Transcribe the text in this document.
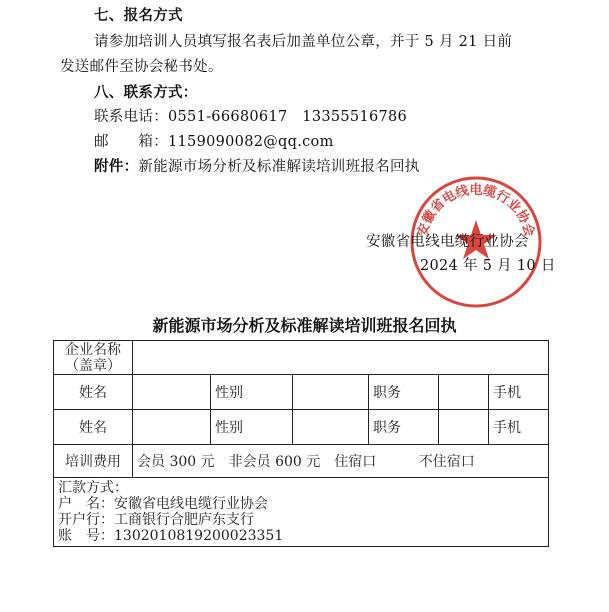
七、报名方式
请参加培训人员填写报名表后加盖单位公章，并于 5 月 21 日前
发送邮件至协会秘书处。
八、联系方式：
联系电话：0551-66680617　13355516786
邮　　箱：1159090082@qq.com
附件：新能源市场分析及标准解读培训班报名回执
安徽省电线电缆行业协会
安徽省电线电缆行业协会
2024 年 5 月 10 日
新能源市场分析及标准解读培训班报名回执
企业名称
（盖章）						

姓名		性别		职务		手机
姓名		性别		职务		手机
培训费用	会员 300 元　非会员 600 元　住宿口 不住宿口					

汇款方式：
户　名：安徽省电线电缆行业协会
开户行：工商银行合肥庐东支行
账　号：1302010819200023351						
